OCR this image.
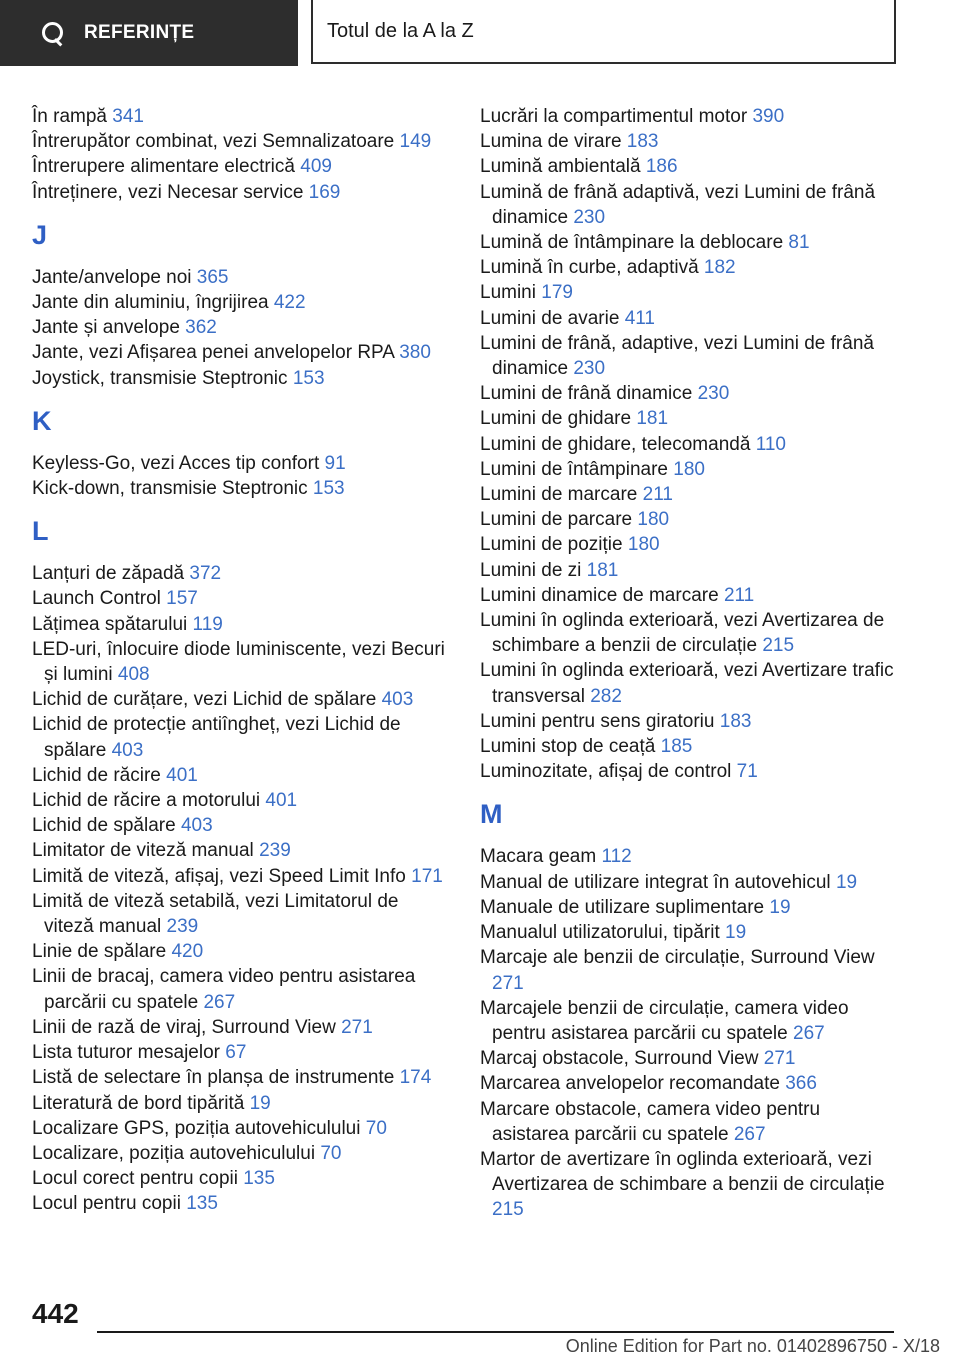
REFERINȚE	Totul de la A la Z
În rampă 341
Întrerupător combinat, vezi Semnalizatoare 149
Întrerupere alimentare electrică 409
Întreținere, vezi Necesar service 169
J
Jante/anvelope noi 365
Jante din aluminiu, îngrijirea 422
Jante și anvelope 362
Jante, vezi Afișarea penei anvelopelor RPA 380
Joystick, transmisie Steptronic 153
K
Keyless-Go, vezi Acces tip confort 91
Kick-down, transmisie Steptronic 153
L
Lanțuri de zăpadă 372
Launch Control 157
Lățimea spătarului 119
LED-uri, înlocuire diode luminiscente, vezi Becuri și lumini 408
Lichid de curățare, vezi Lichid de spălare 403
Lichid de protecție antiîngheț, vezi Lichid de spălare 403
Lichid de răcire 401
Lichid de răcire a motorului 401
Lichid de spălare 403
Limitator de viteză manual 239
Limită de viteză, afișaj, vezi Speed Limit Info 171
Limită de viteză setabilă, vezi Limitatorul de viteză manual 239
Linie de spălare 420
Linii de bracaj, camera video pentru asistarea parcării cu spatele 267
Linii de rază de viraj, Surround View 271
Lista tuturor mesajelor 67
Listă de selectare în planșa de instrumente 174
Literatură de bord tipărită 19
Localizare GPS, poziția autovehiculului 70
Localizare, poziția autovehiculului 70
Locul corect pentru copii 135
Locul pentru copii 135
Lucrări la compartimentul motor 390
Lumina de virare 183
Lumină ambientală 186
Lumină de frână adaptivă, vezi Lumini de frână dinamice 230
Lumină de întâmpinare la deblocare 81
Lumină în curbe, adaptivă 182
Lumini 179
Lumini de avarie 411
Lumini de frână, adaptive, vezi Lumini de frână dinamice 230
Lumini de frână dinamice 230
Lumini de ghidare 181
Lumini de ghidare, telecomandă 110
Lumini de întâmpinare 180
Lumini de marcare 211
Lumini de parcare 180
Lumini de poziție 180
Lumini de zi 181
Lumini dinamice de marcare 211
Lumini în oglinda exterioară, vezi Avertizarea de schimbare a benzii de circulație 215
Lumini în oglinda exterioară, vezi Avertizare trafic transversal 282
Lumini pentru sens giratoriu 183
Lumini stop de ceață 185
Luminozitate, afișaj de control 71
M
Macara geam 112
Manual de utilizare integrat în autovehicul 19
Manuale de utilizare suplimentare 19
Manualul utilizatorului, tipărit 19
Marcaje ale benzii de circulație, Surround View 271
Marcajele benzii de circulație, camera video pentru asistarea parcării cu spatele 267
Marcaj obstacole, Surround View 271
Marcarea anvelopelor recomandate 366
Marcare obstacole, camera video pentru asistarea parcării cu spatele 267
Martor de avertizare în oglinda exterioară, vezi Avertizarea de schimbare a benzii de circulație 215
442
Online Edition for Part no. 01402896750 - X/18
